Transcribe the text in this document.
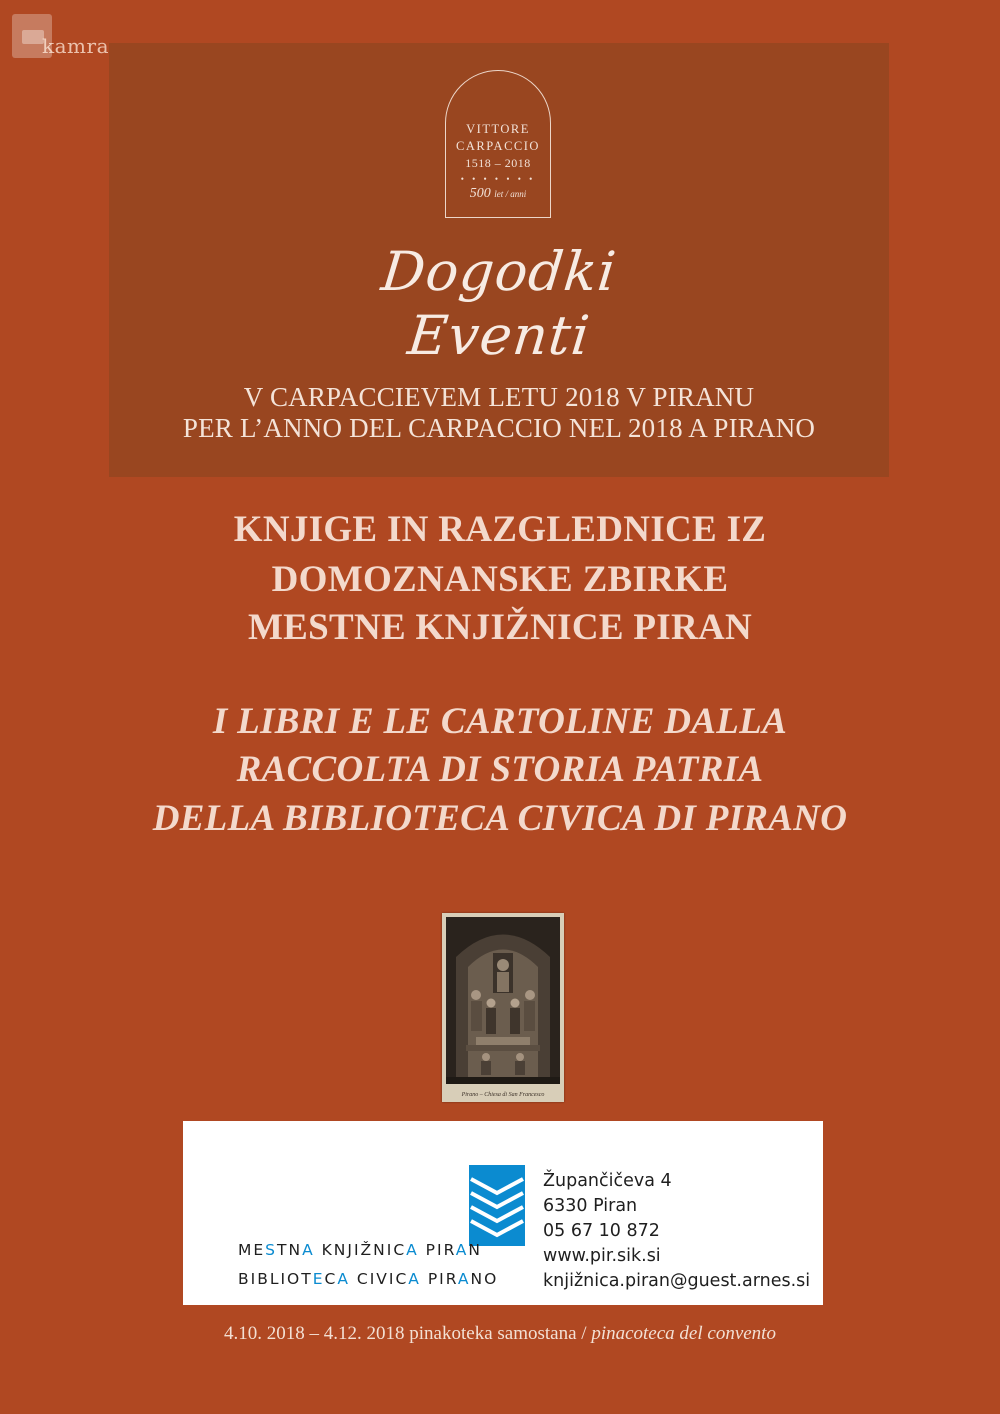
kamra
VITTORE
CARPACCIO
1518 – 2018
• • • • • • •
500 let / anni
Dogodki
Eventi
V CARPACCIEVEM LETU 2018 V PIRANU
PER L’ANNO DEL CARPACCIO NEL 2018 A PIRANO
KNJIGE IN RAZGLEDNICE IZ
DOMOZNANSKE ZBIRKE
MESTNE KNJIŽNICE PIRAN
I LIBRI E LE CARTOLINE DALLA
RACCOLTA DI STORIA PATRIA
DELLA BIBLIOTECA CIVICA DI PIRANO
Pirano – Chiesa di San Francesco
MESTNA KNJIŽNICA PIRAN
BIBLIOTECA CIVICA PIRANO
Župančičeva 4
6330 Piran
05 67 10 872
www.pir.sik.si
knjižnica.piran@guest.arnes.si
4.10. 2018 – 4.12. 2018 pinakoteka samostana / pinacoteca del convento
